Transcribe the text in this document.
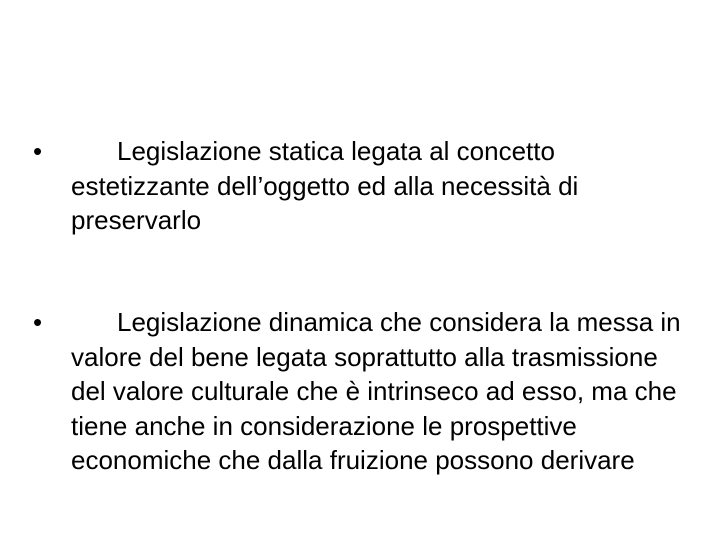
•	Legislazione statica legata al concetto estetizzante dell’oggetto ed alla necessità di preservarlo
•	Legislazione dinamica che considera la messa in valore del bene legata soprattutto alla trasmissione del valore culturale che è intrinseco ad esso, ma che tiene anche in considerazione le prospettive economiche che dalla fruizione possono derivare
